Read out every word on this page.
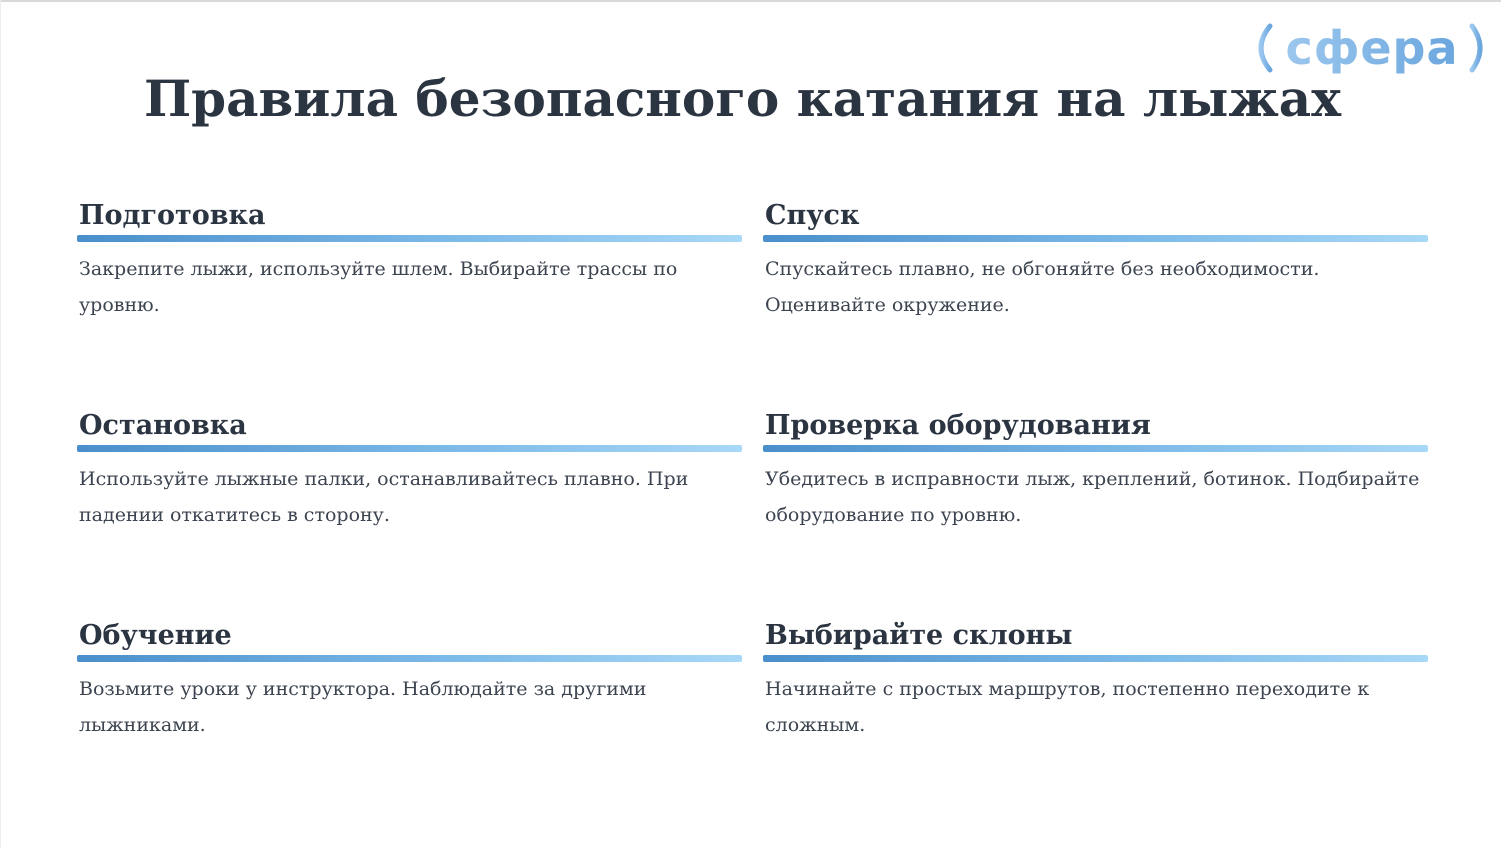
сфера
Правила безопасного катания на лыжах
Подготовка
Закрепите лыжи, используйте шлем. Выбирайте трассы по уровню.
Спуск
Спускайтесь плавно, не обгоняйте без необходимости. Оценивайте окружение.
Остановка
Используйте лыжные палки, останавливайтесь плавно. При падении откатитесь в сторону.
Проверка оборудования
Убедитесь в исправности лыж, креплений, ботинок. Подбирайте оборудование по уровню.
Обучение
Возьмите уроки у инструктора. Наблюдайте за другими лыжниками.
Выбирайте склоны
Начинайте с простых маршрутов, постепенно переходите к сложным.
